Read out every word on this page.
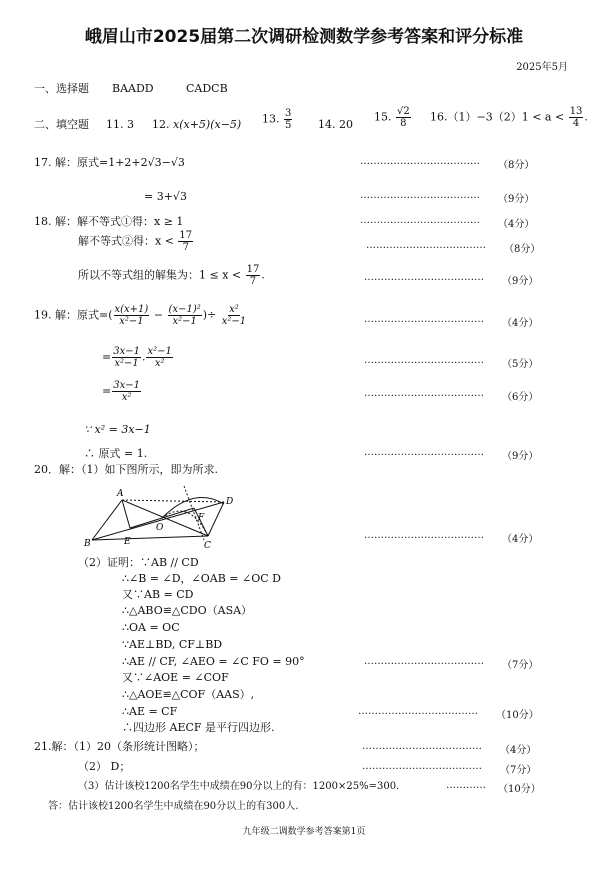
峨眉山市2025届第二次调研检测数学参考答案和评分标准
2025年5月
一、选择题 BAADD	CADCB
二、填空题 11. 3 12. x(x+5)(x−5) 13. $\frac{3}{5} 14$. 20
15. $\frac{√2}{8} 16.(1)-3(2)1 < a < \frac{13}{4}$ .
17. 解：原式=1+2+2√3−√3	……………………………… （8分）
= 3+√3	……………………………… （9分）
18. 解：解不等式①得：x ≥ 1	……………………………… （4分）
解不等式②得：$x < \frac{17}{7}$	……………………………… （8分）
所以不等式组的解集为：$1 \le x < \frac{17}{7}$ .	……………………………… （9分）
19. 解：原式=( $\frac{x(x+1)}{\text{x²−1}} - \frac{\text{(x−1)²}}{\text{x²−1}}$ )÷ $\frac{\text{x²}}{\text{x²−1}}$	……………………………… （4分）
= $\frac{3x-1}{\text{x²−1}}$ . $\frac{\text{x²−1}}{\text{x²}}$	……………………………… （5分）
= $\frac{3x-1}{\text{x²}}$	……………………………… （6分）
∵ x² = 3x−1
∴ 原式 = 1.	……………………………… （9分）
20．解：（1）如下图所示，即为所求.
A
B	C
D
E
F
O
……………………………… （4分）
（2）证明：∵AB // CD
∴∠B = ∠D，∠OAB = ∠OC D
又∵AB = CD
∴△ABO≌△CDO（ASA）
∴OA = OC
∵AE⊥BD, CF⊥BD
∴AE // CF, ∠AEO = ∠C FO = 90°	……………………………… （7分）
又∵∠AOE = ∠COF
∴△AOE≌△COF（AAS）,
∴AE = CF	……………………………… （10分）
∴四边形 AECF 是平行四边形.
21.解：（1）20（条形统计图略）；	……………………………… （4分）
（2） D；	……………………………… （7分）
（3）估计该校1200名学生中成绩在90分以上的有：1200×25%=300.	………… （10分）
答：估计该校1200名学生中成绩在90分以上的有300人.
九年级二调数学参考答案第1页
